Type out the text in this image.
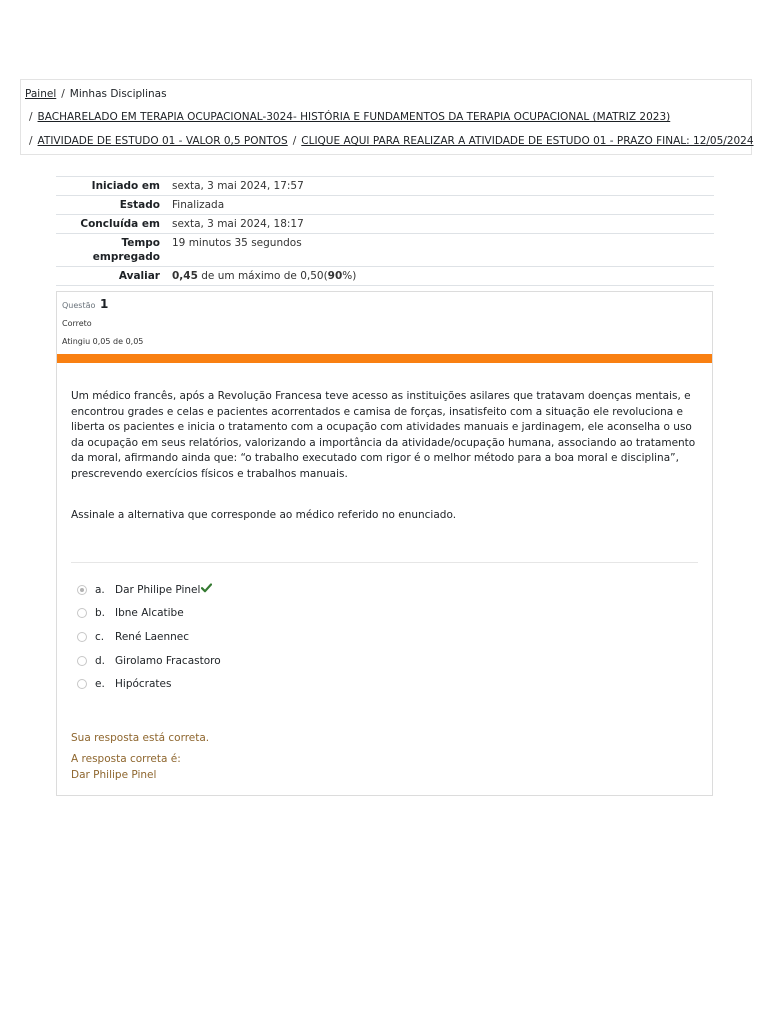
Painel / Minhas Disciplinas
/ BACHARELADO EM TERAPIA OCUPACIONAL-3024- HISTÓRIA E FUNDAMENTOS DA TERAPIA OCUPACIONAL (MATRIZ 2023)
/ ATIVIDADE DE ESTUDO 01 - VALOR 0,5 PONTOS / CLIQUE AQUI PARA REALIZAR A ATIVIDADE DE ESTUDO 01 - PRAZO FINAL: 12/05/2024
Iniciado em	sexta, 3 mai 2024, 17:57
Estado	Finalizada
Concluída em	sexta, 3 mai 2024, 18:17
Tempo
empregado	19 minutos 35 segundos
Avaliar	0,45 de um máximo de 0,50(90%)
Questão 1
Correto
Atingiu 0,05 de 0,05
Um médico francês, após a Revolução Francesa teve acesso as instituições asilares que tratavam doenças mentais, e encontrou grades e celas e pacientes acorrentados e camisa de forças, insatisfeito com a situação ele revoluciona e liberta os pacientes e inicia o tratamento com a ocupação com atividades manuais e jardinagem, ele aconselha o uso da ocupação em seus relatórios, valorizando a importância da atividade/ocupação humana, associando ao tratamento da moral, afirmando ainda que: “o trabalho executado com rigor é o melhor método para a boa moral e disciplina”, prescrevendo exercícios físicos e trabalhos manuais.
Assinale a alternativa que corresponde ao médico referido no enunciado.
a. Dar Philipe Pinel
b. Ibne Alcatibe
c.	René Laennec
d. Girolamo Fracastoro
e. Hipócrates
Sua resposta está correta.
A resposta correta é:
Dar Philipe Pinel
